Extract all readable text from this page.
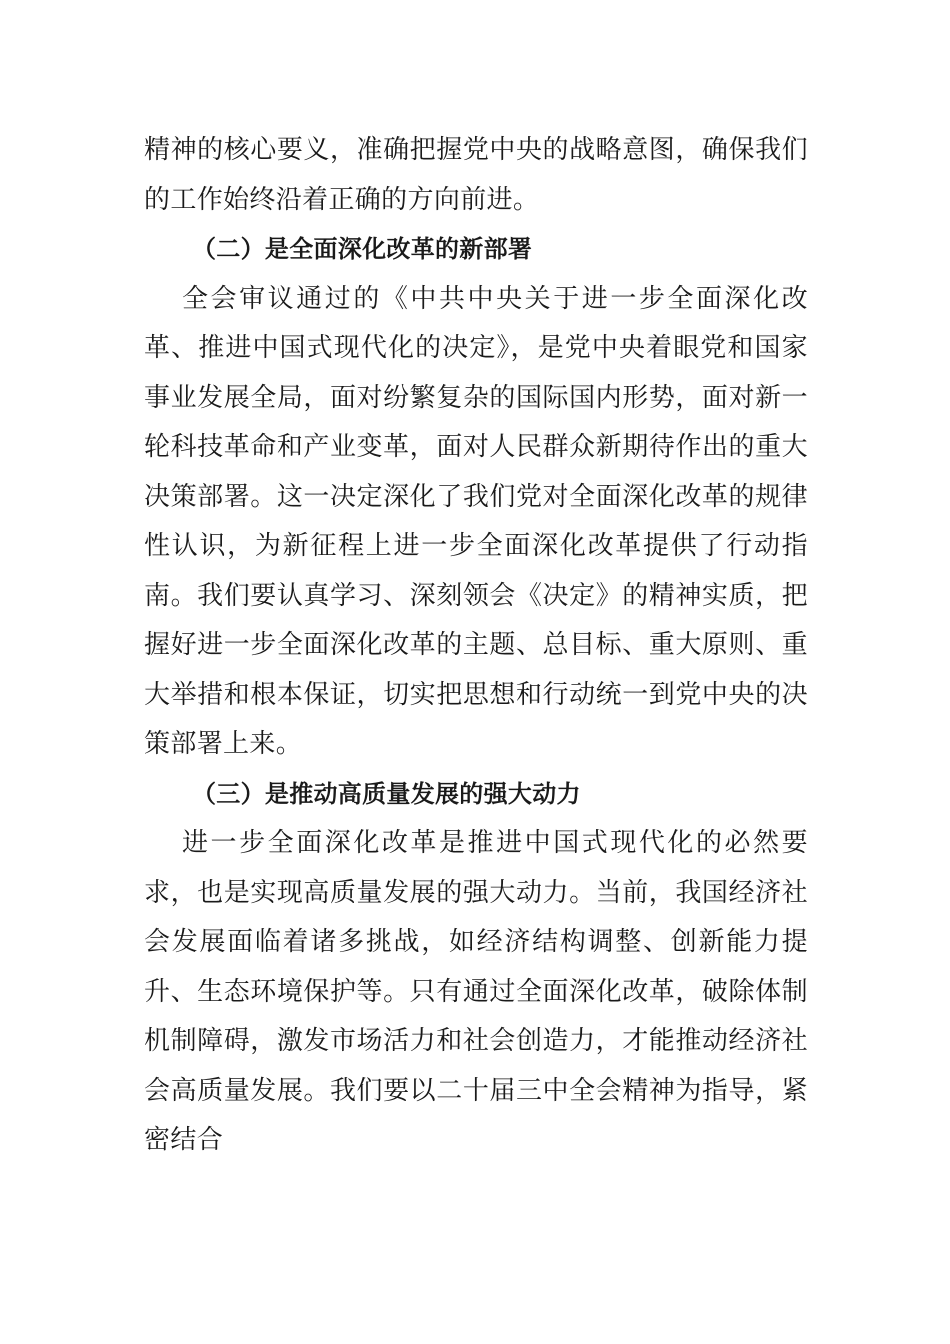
精神的核心要义，准确把握党中央的战略意图，确保我们的工作始终沿着正确的方向前进。

（二）是全面深化改革的新部署

全会审议通过的《中共中央关于进一步全面深化改革、推进中国式现代化的决定》，是党中央着眼党和国家事业发展全局，面对纷繁复杂的国际国内形势，面对新一轮科技革命和产业变革，面对人民群众新期待作出的重大决策部署。这一决定深化了我们党对全面深化改革的规律性认识，为新征程上进一步全面深化改革提供了行动指南。我们要认真学习、深刻领会《决定》的精神实质，把握好进一步全面深化改革的主题、总目标、重大原则、重大举措和根本保证，切实把思想和行动统一到党中央的决策部署上来。

（三）是推动高质量发展的强大动力

进一步全面深化改革是推进中国式现代化的必然要求，也是实现高质量发展的强大动力。当前，我国经济社会发展面临着诸多挑战，如经济结构调整、创新能力提升、生态环境保护等。只有通过全面深化改革，破除体制机制障碍，激发市场活力和社会创造力，才能推动经济社会高质量发展。我们要以二十届三中全会精神为指导，紧密结合
